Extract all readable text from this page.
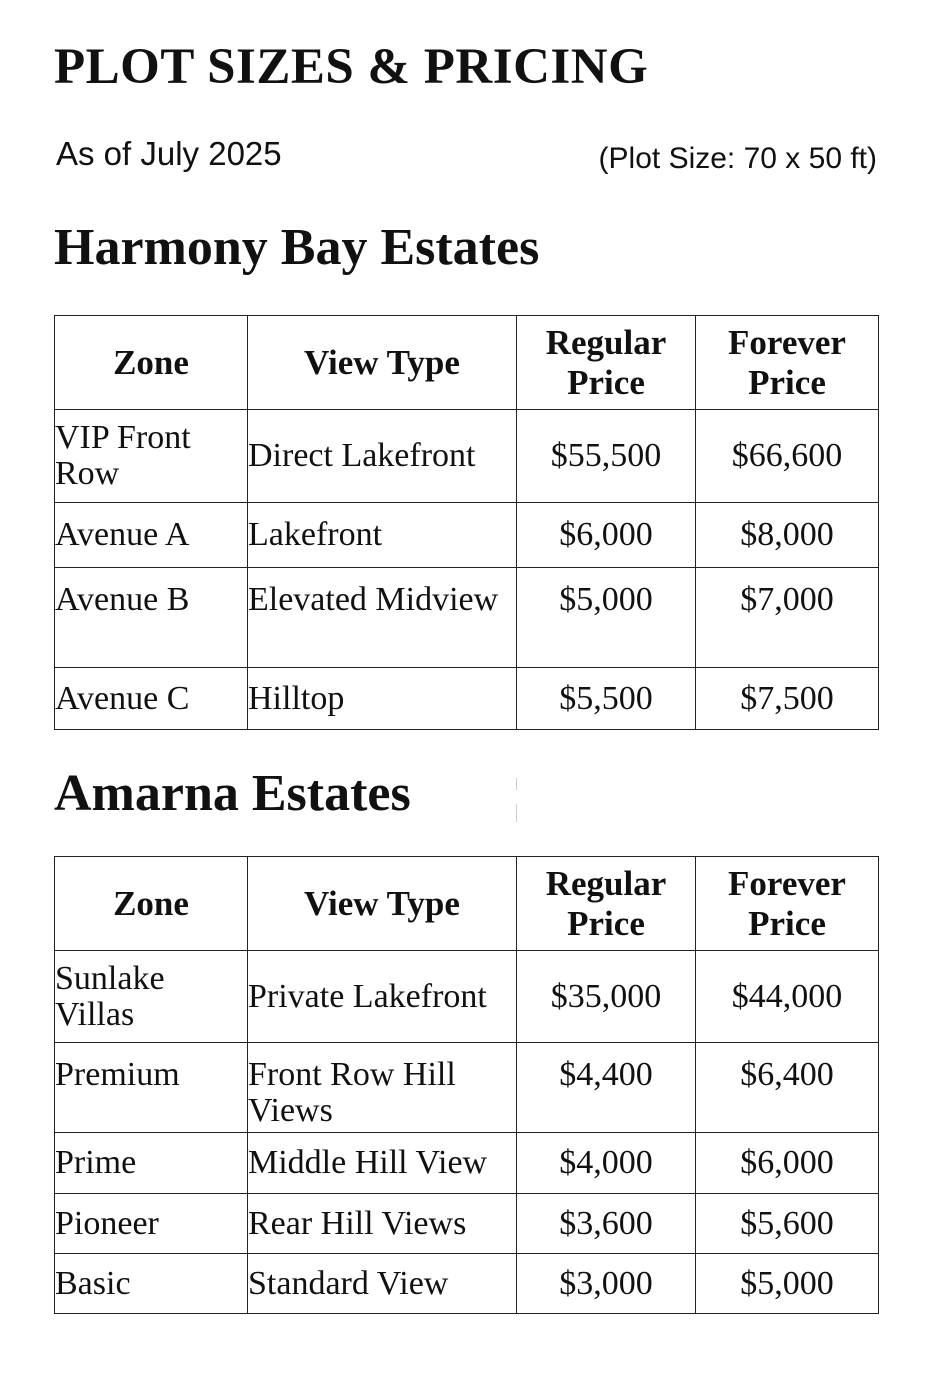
PLOT SIZES & PRICING
As of July 2025	(Plot Size: 70 x 50 ft)
Harmony Bay Estates
Zone	View Type	Regular Price	Forever Price
VIP Front Row	Direct Lakefront	$55,500	$66,600
Avenue A	Lakefront	$6,000	$8,000
Avenue B	Elevated Midview	$5,000	$7,000
Avenue C	Hilltop	$5,500	$7,500
Amarna Estates
Zone	View Type	Regular Price	Forever Price
Sunlake Villas	Private Lakefront	$35,000	$44,000
Premium	Front Row Hill Views	$4,400	$6,400
Prime	Middle Hill View	$4,000	$6,000
Pioneer	Rear Hill Views	$3,600	$5,600
Basic	Standard View	$3,000	$5,000
